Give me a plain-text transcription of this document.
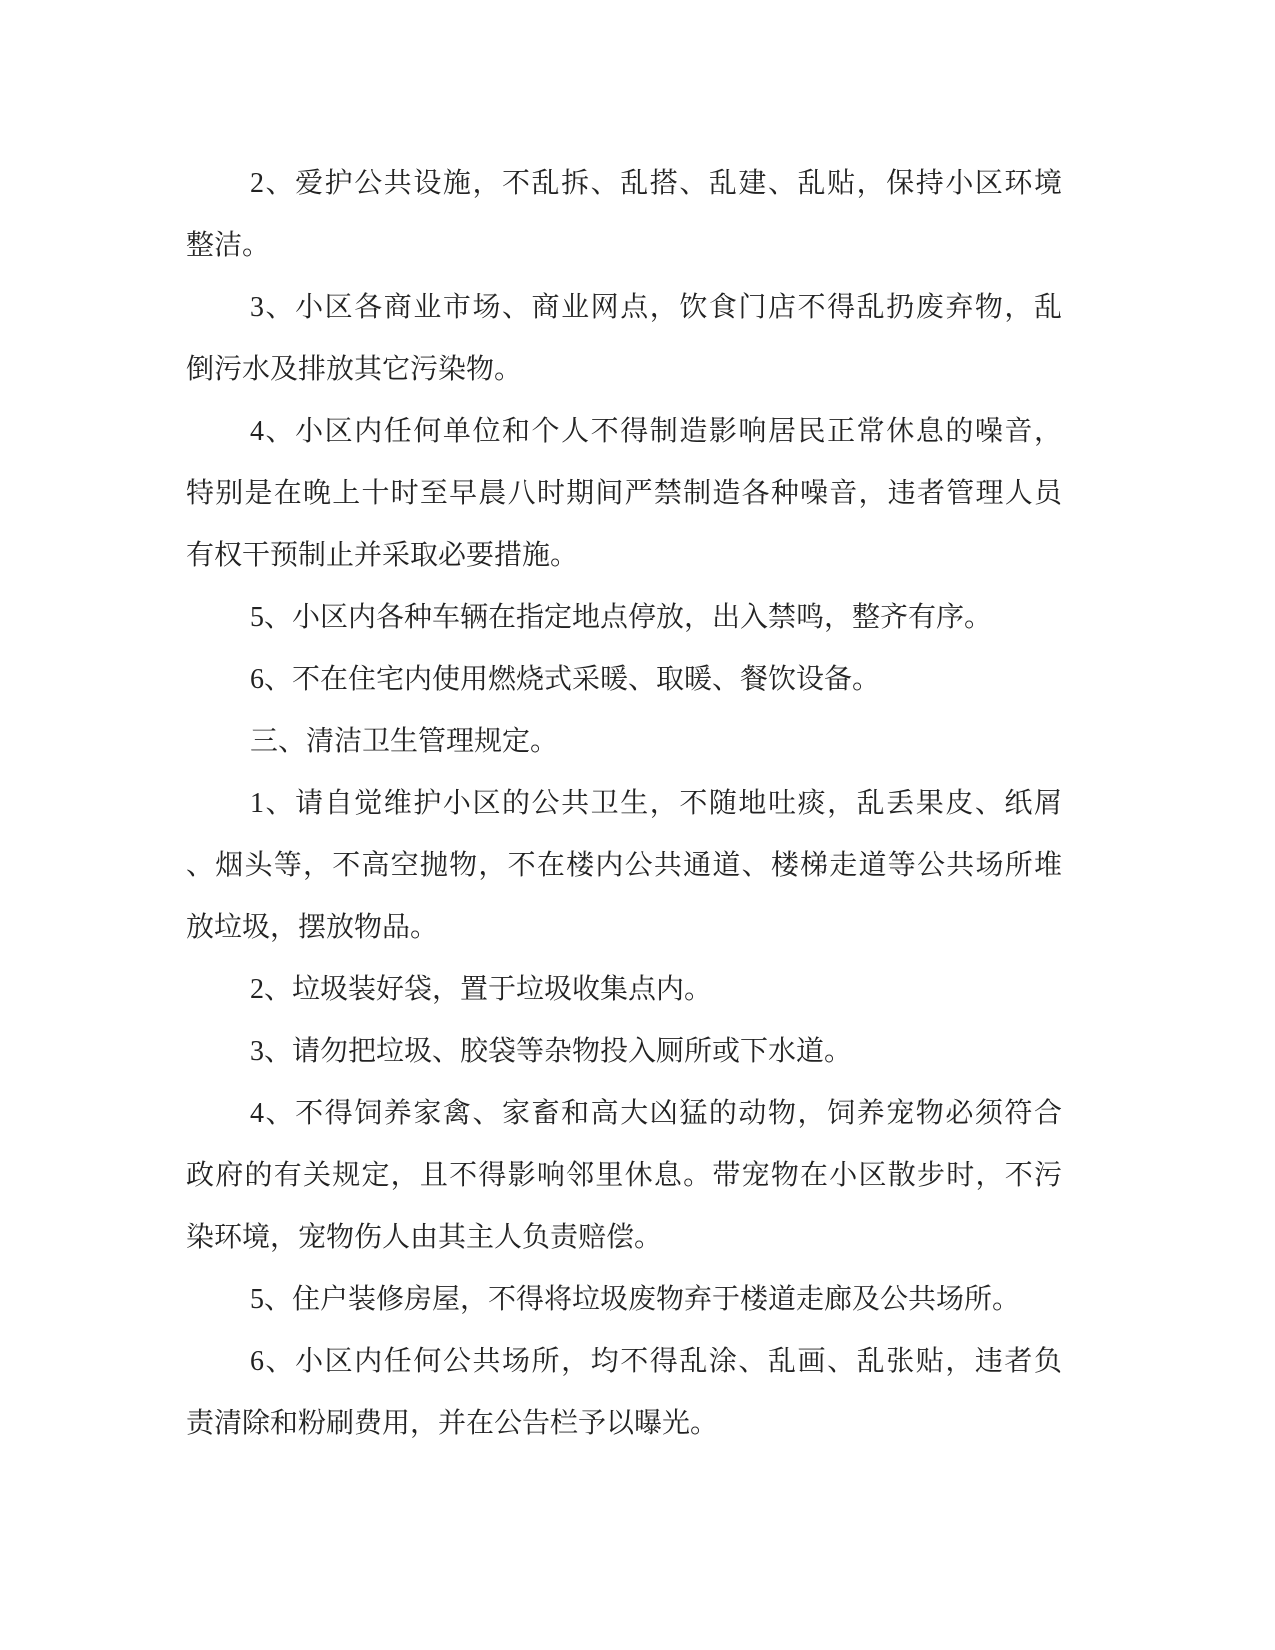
2、爱护公共设施，不乱拆、乱搭、乱建、乱贴，保持小区环境
整洁。
3、小区各商业市场、商业网点，饮食门店不得乱扔废弃物，乱
倒污水及排放其它污染物。
4、小区内任何单位和个人不得制造影响居民正常休息的噪音，
特别是在晚上十时至早晨八时期间严禁制造各种噪音，违者管理人员
有权干预制止并采取必要措施。
5、小区内各种车辆在指定地点停放，出入禁鸣，整齐有序。
6、不在住宅内使用燃烧式采暖、取暖、餐饮设备。
三、清洁卫生管理规定。
1、请自觉维护小区的公共卫生，不随地吐痰，乱丢果皮、纸屑
、烟头等，不高空抛物，不在楼内公共通道、楼梯走道等公共场所堆
放垃圾，摆放物品。
2、垃圾装好袋，置于垃圾收集点内。
3、请勿把垃圾、胶袋等杂物投入厕所或下水道。
4、不得饲养家禽、家畜和高大凶猛的动物，饲养宠物必须符合
政府的有关规定，且不得影响邻里休息。带宠物在小区散步时，不污
染环境，宠物伤人由其主人负责赔偿。
5、住户装修房屋，不得将垃圾废物弃于楼道走廊及公共场所。
6、小区内任何公共场所，均不得乱涂、乱画、乱张贴，违者负
责清除和粉刷费用，并在公告栏予以曝光。
